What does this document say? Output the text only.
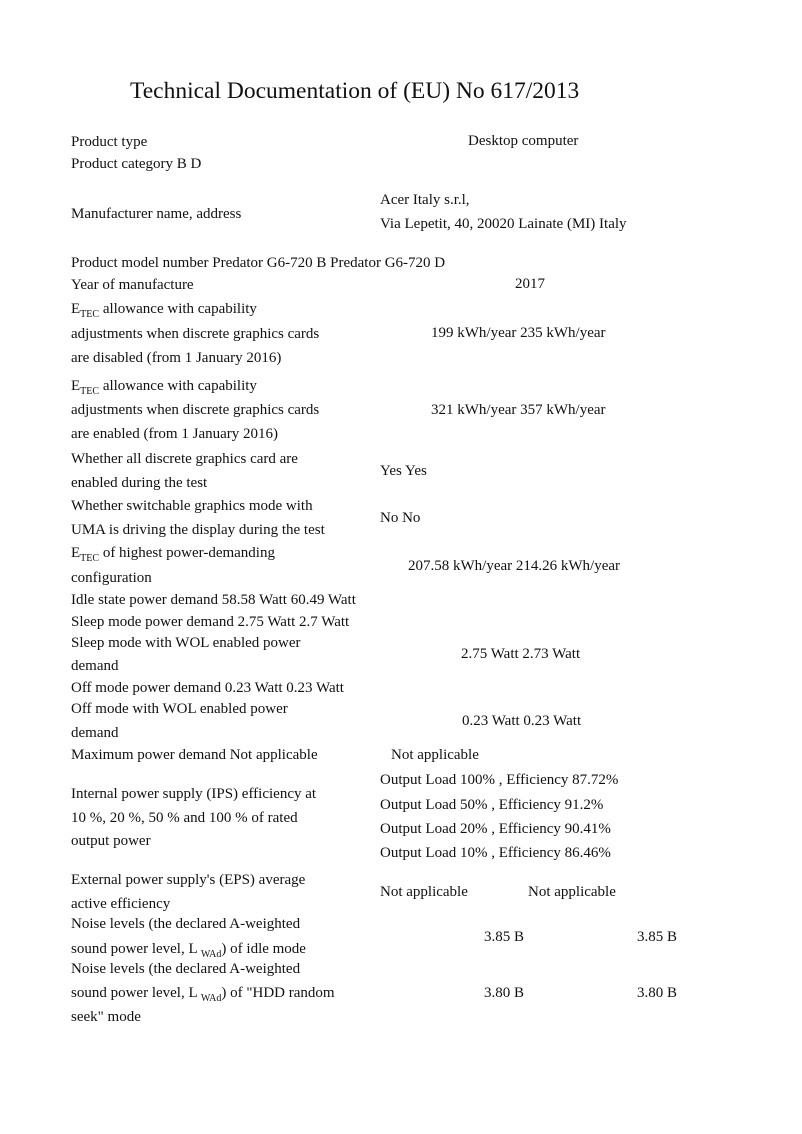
Technical Documentation of (EU) No 617/2013
Product type	Desktop computer
Product category B D
Manufacturer name, address
Acer Italy s.r.l,
Via Lepetit, 40, 20020 Lainate (MI) Italy
Product model number Predator G6-720 B Predator G6-720 D
Year of manufacture	2017
$E_{TEC}$ allowance with capability
adjustments when discrete graphics cards
are disabled (from 1 January 2016)
199 kWh/year 235 kWh/year
$E_{TEC}$ allowance with capability
adjustments when discrete graphics cards
are enabled (from 1 January 2016)
321 kWh/year 357 kWh/year
Whether all discrete graphics card are
enabled during the test
Yes Yes
Whether switchable graphics mode with
UMA is driving the display during the test
No No
$E_{TEC}$ of highest power-demanding
configuration
207.58 kWh/year 214.26 kWh/year
Idle state power demand 58.58 Watt 60.49 Watt
Sleep mode power demand 2.75 Watt 2.7 Watt
Sleep mode with WOL enabled power
demand
2.75 Watt 2.73 Watt
Off mode power demand 0.23 Watt 0.23 Watt
Off mode with WOL enabled power
demand
0.23 Watt 0.23 Watt
Maximum power demand Not applicable	Not applicable
Internal power supply (IPS) efficiency at
10 %, 20 %, 50 % and 100 % of rated
output power
Output Load 100% , Efficiency 87.72%
Output Load 50% , Efficiency 91.2%
Output Load 20% , Efficiency 90.41%
Output Load 10% , Efficiency 86.46%
External power supply's (EPS) average
active efficiency
Not applicable	Not applicable
Noise levels (the declared A-weighted
sound power level, L $_{WAd}$) of idle mode
3.85 B	3.85 B
Noise levels (the declared A-weighted
sound power level, L $_{WAd}$) of "HDD random
seek" mode
3.80 B	3.80 B
